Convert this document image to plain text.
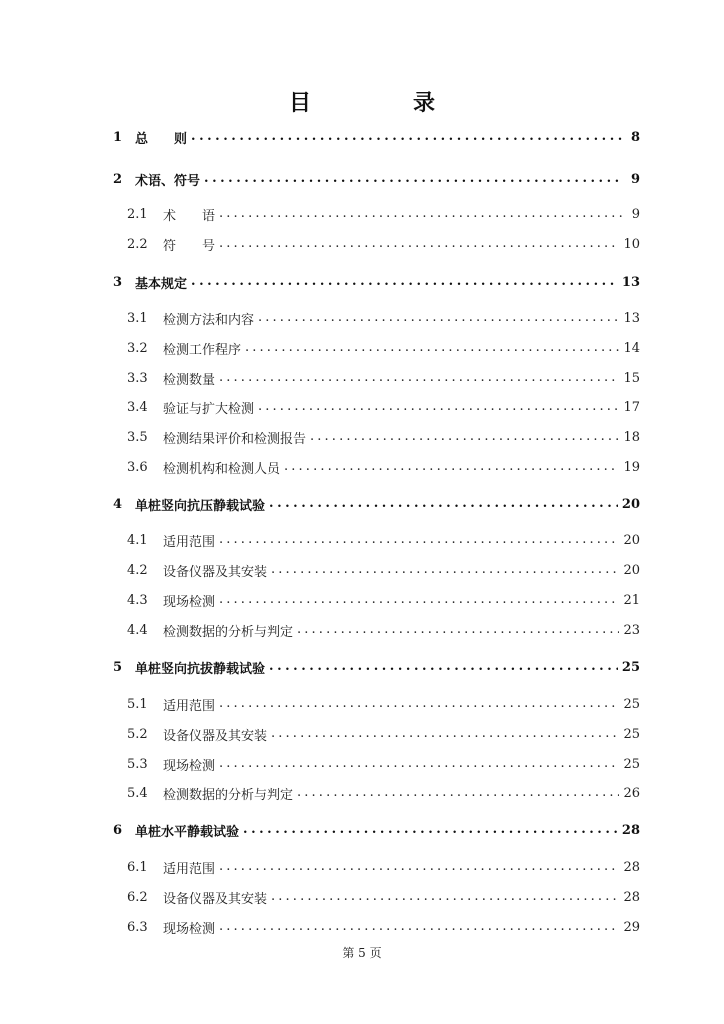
目　录
1 总　　则 . . .	8
2 术语、符号 . . .	9
2.1	术　　语 . . .	9
2.2	符　　号 . . .	10
3 基本规定 . . .	13
3.1	检测方法和内容 . . .	13
3.2	检测工作程序 . . .	14
3.3	检测数量 . . .	15
3.4	验证与扩大检测 . . .	17
3.5	检测结果评价和检测报告 . . .	18
3.6	检测机构和检测人员 . . .	19
4 单桩竖向抗压静载试验 . . .	20
4.1	适用范围 . . .	20
4.2	设备仪器及其安装 . . .	20
4.3	现场检测 . . .	21
4.4	检测数据的分析与判定 . . .	23
5 单桩竖向抗拔静载试验 . . .	25
5.1	适用范围 . . .	25
5.2	设备仪器及其安装 . . .	25
5.3	现场检测 . . .	25
5.4	检测数据的分析与判定 . . .	26
6 单桩水平静载试验 . . .	28
6.1	适用范围 . . .	28
6.2	设备仪器及其安装 . . .	28
6.3	现场检测 . . .	29
第 5 页
